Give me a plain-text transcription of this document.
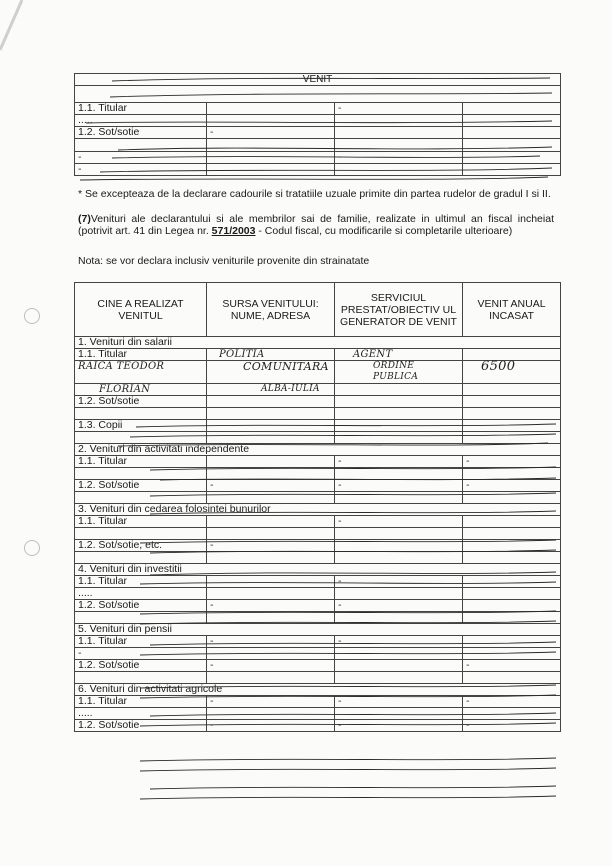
VENIT			

1.1. Titular		-	
.....			
1.2. Sot/sotie	-		

-		-	
-			
* Se excepteaza de la declarare cadourile si tratatiile uzuale primite din partea rudelor de gradul I si II.
(7)Venituri ale declarantului si ale membrilor sai de familie, realizate in ultimul an fiscal incheiat (potrivit art. 41 din Legea nr. 571/2003 - Codul fiscal, cu modificarile si completarile ulterioare)
Nota: se vor declara inclusiv veniturile provenite din strainatate
CINE A REALIZAT VENITUL	SURSA VENITULUI: NUME, ADRESA	SERVICIUL PRESTAT/OBIECTIV UL GENERATOR DE VENIT	VENIT ANUAL INCASAT
1. Venituri din salarii			
1.1. Titular	POLITIA	AGENT	
RAICA TEODOR	COMUNITARA	ORDINE PUBLICA	6500
FLORIAN	ALBA-IULIA		
1.2. Sot/sotie			

1.3. Copii			

2. Venituri din activitati independente			
1.1. Titular		-	-

1.2. Sot/sotie	-	-	-

3. Venituri din cedarea folosintei bunurilor			
1.1. Titular		-	

1.2. Sot/sotie, etc.	-		

4. Venituri din investitii			
1.1. Titular		-	
.....			
1.2. Sot/sotie	-	-	

5. Venituri din pensii			
1.1. Titular	-	-	
-			
1.2. Sot/sotie	-		-

6. Venituri din activitati agricole			
1.1. Titular	-	-	-
.....			
1.2. Sot/sotie	-	-	-
